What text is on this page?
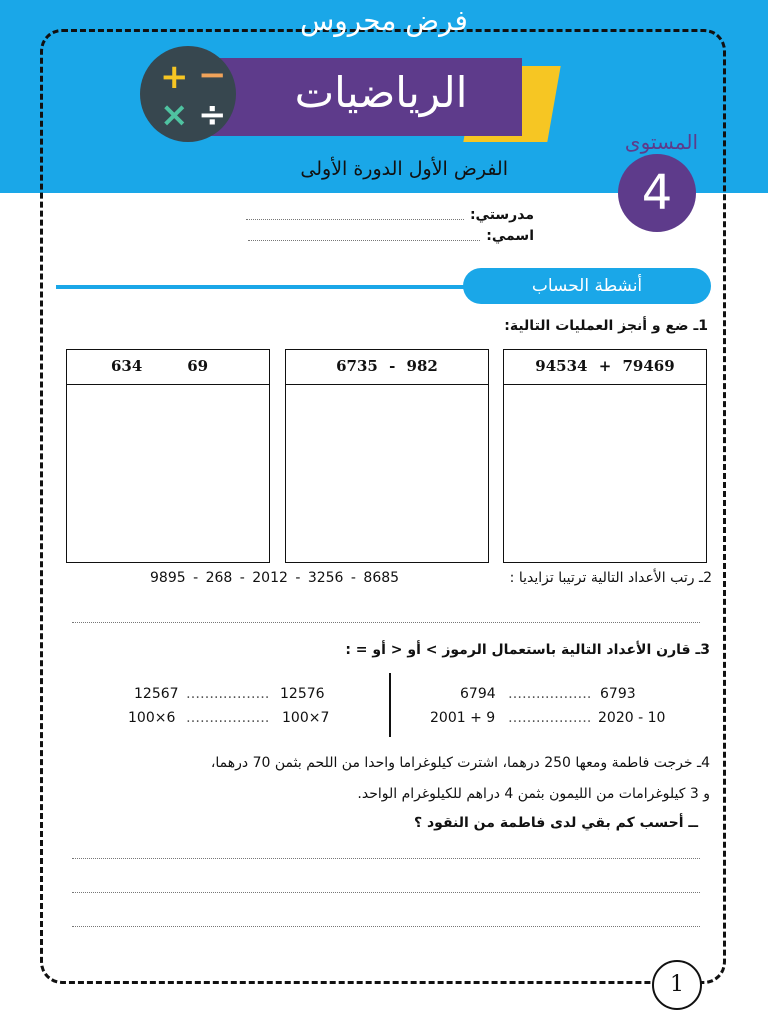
فرض محروس
الرياضيات
+ −
× ÷
الفرض الأول الدورة الأولى
المستوى
4
مدرستي:
اسمي:
أنشطة الحساب
1ـ ضع و أنجز العمليات التالية:
94534 + 79469
6735 - 982
634    69
2ـ رتب الأعداد التالية ترتيبا تزايديا :
9895 - 268 - 2012 - 3256 - 8685
3ـ قارن الأعداد التالية باستعمال الرموز > أو < أو = :
6793
……..……….
6794
2020 - 10
……..……….
2001 + 9
12576
……..……….
12567
100×7
……..……….
100×6
4ـ خرجت فاطمة ومعها 250 درهما، اشترت كيلوغراما واحدا من اللحم بثمن 70 درهما،
و 3 كيلوغرامات من الليمون بثمن 4 دراهم للكيلوغرام الواحد.
ــ أحسب كم بقي لدى فاطمة من النقود ؟
1
